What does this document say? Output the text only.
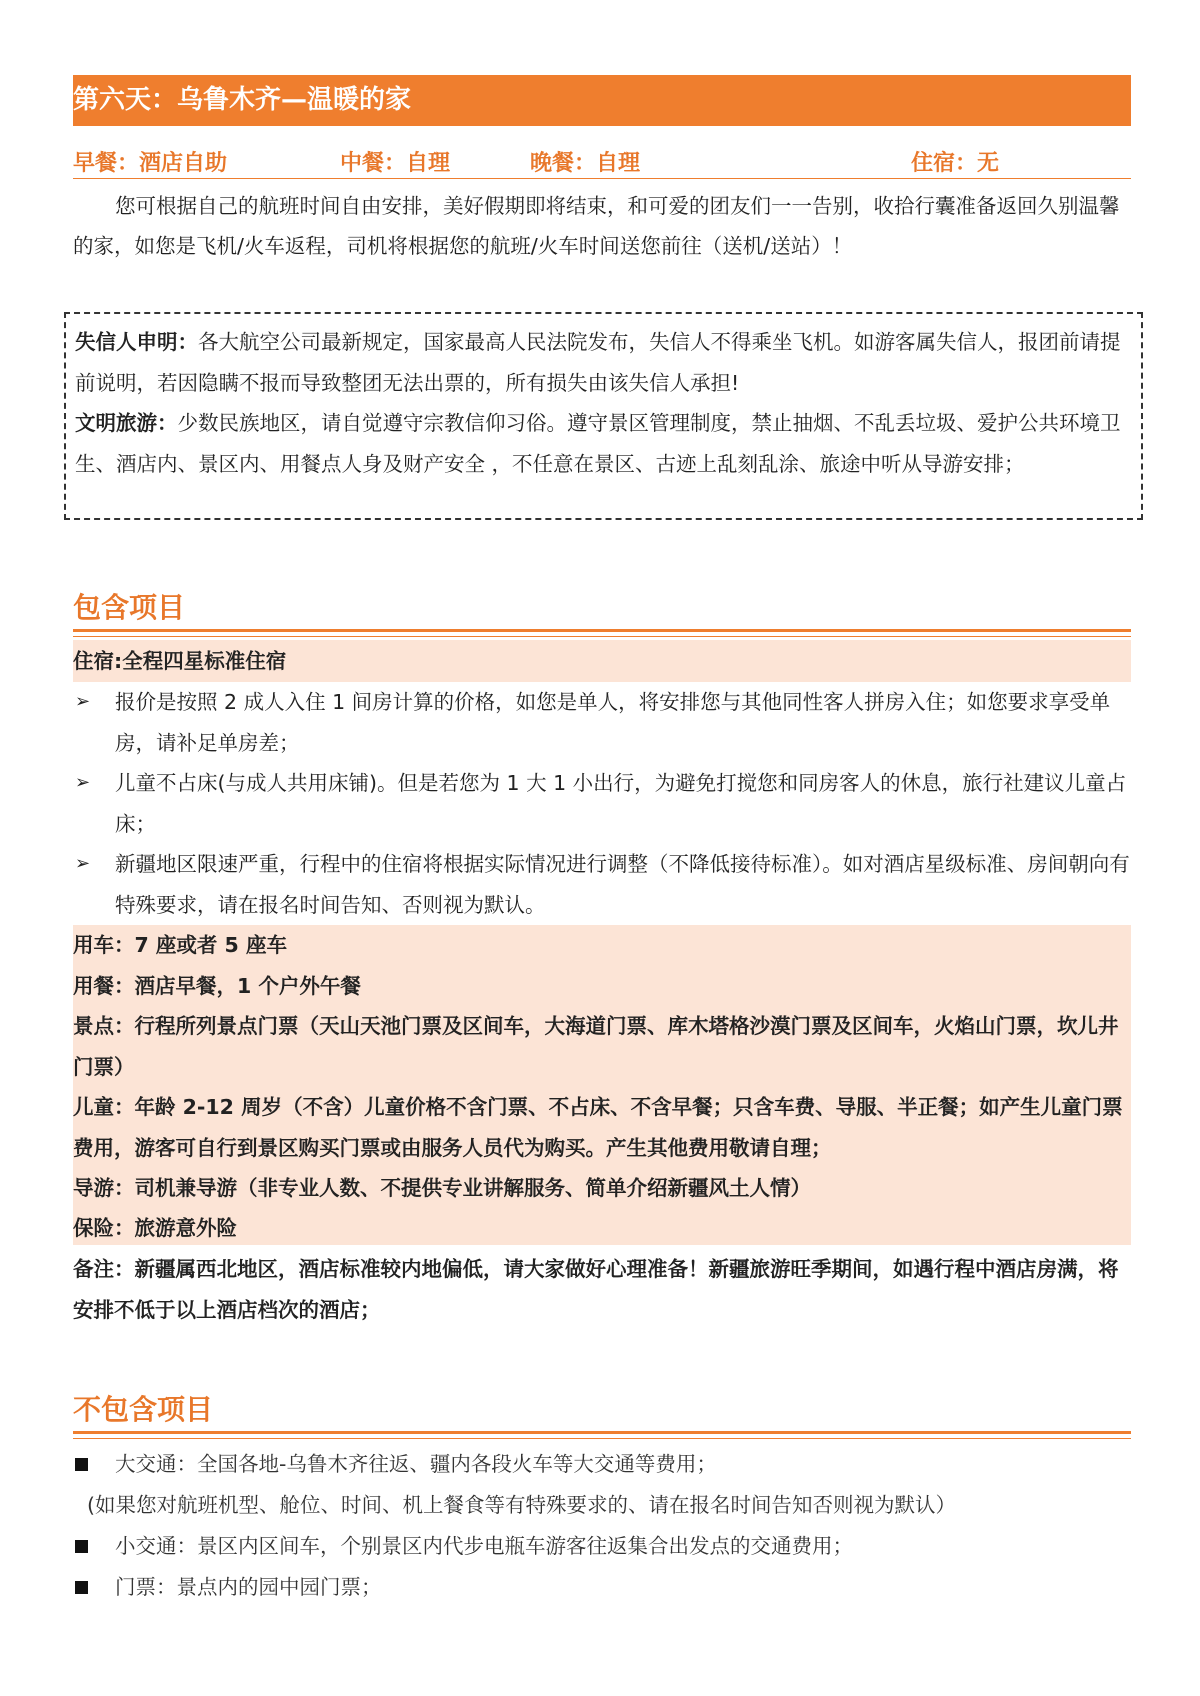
第六天：乌鲁木齐—温暖的家
早餐：酒店自助	中餐：自理	晚餐：自理	住宿：无
您可根据自己的航班时间自由安排，美好假期即将结束，和可爱的团友们一一告别，收拾行囊准备返回久别温馨的家，如您是飞机/火车返程，司机将根据您的航班/火车时间送您前往（送机/送站）！
失信人申明：各大航空公司最新规定，国家最高人民法院发布，失信人不得乘坐飞机。如游客属失信人，报团前请提前说明，若因隐瞒不报而导致整团无法出票的，所有损失由该失信人承担!
文明旅游：少数民族地区，请自觉遵守宗教信仰习俗。遵守景区管理制度，禁止抽烟、不乱丢垃圾、爱护公共环境卫生、酒店内、景区内、用餐点人身及财产安全 ，不任意在景区、古迹上乱刻乱涂、旅途中听从导游安排；
包含项目
住宿:全程四星标准住宿
➢ 报价是按照 2 成人入住 1 间房计算的价格，如您是单人，将安排您与其他同性客人拼房入住；如您要求享受单房，请补足单房差；
➢ 儿童不占床(与成人共用床铺)。但是若您为 1 大 1 小出行，为避免打搅您和同房客人的休息，旅行社建议儿童占床；
➢ 新疆地区限速严重，行程中的住宿将根据实际情况进行调整（不降低接待标准）。如对酒店星级标准、房间朝向有特殊要求，请在报名时间告知、否则视为默认。
用车：7 座或者 5 座车
用餐：酒店早餐，1 个户外午餐
景点：行程所列景点门票（天山天池门票及区间车，大海道门票、库木塔格沙漠门票及区间车，火焰山门票，坎儿井门票）
儿童：年龄 2-12 周岁（不含）儿童价格不含门票、不占床、不含早餐；只含车费、导服、半正餐；如产生儿童门票费用，游客可自行到景区购买门票或由服务人员代为购买。产生其他费用敬请自理；
导游：司机兼导游（非专业人数、不提供专业讲解服务、简单介绍新疆风土人情）
保险：旅游意外险
备注：新疆属西北地区，酒店标准较内地偏低，请大家做好心理准备！新疆旅游旺季期间，如遇行程中酒店房满，将安排不低于以上酒店档次的酒店；
不包含项目
大交通：全国各地-乌鲁木齐往返、疆内各段火车等大交通等费用；
(如果您对航班机型、舱位、时间、机上餐食等有特殊要求的、请在报名时间告知否则视为默认）
小交通：景区内区间车，个别景区内代步电瓶车游客往返集合出发点的交通费用；
门票：景点内的园中园门票；
